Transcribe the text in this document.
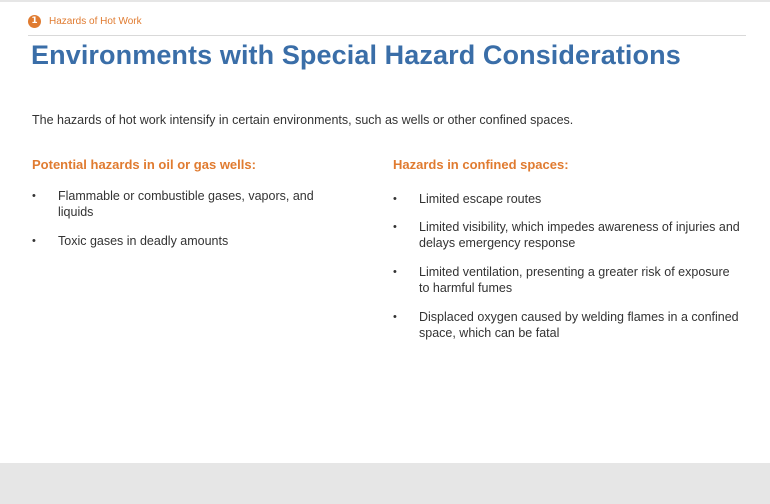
1	Hazards of Hot Work
Environments with Special Hazard Considerations
The hazards of hot work intensify in certain environments, such as wells or other confined spaces.
Potential hazards in oil or gas wells:
• Flammable or combustible gases, vapors, and liquids
• Toxic gases in deadly amounts
Hazards in confined spaces:
• Limited escape routes
• Limited visibility, which impedes awareness of injuries and delays emergency response
• Limited ventilation, presenting a greater risk of exposure to harmful fumes
• Displaced oxygen caused by welding flames in a confined space, which can be fatal
